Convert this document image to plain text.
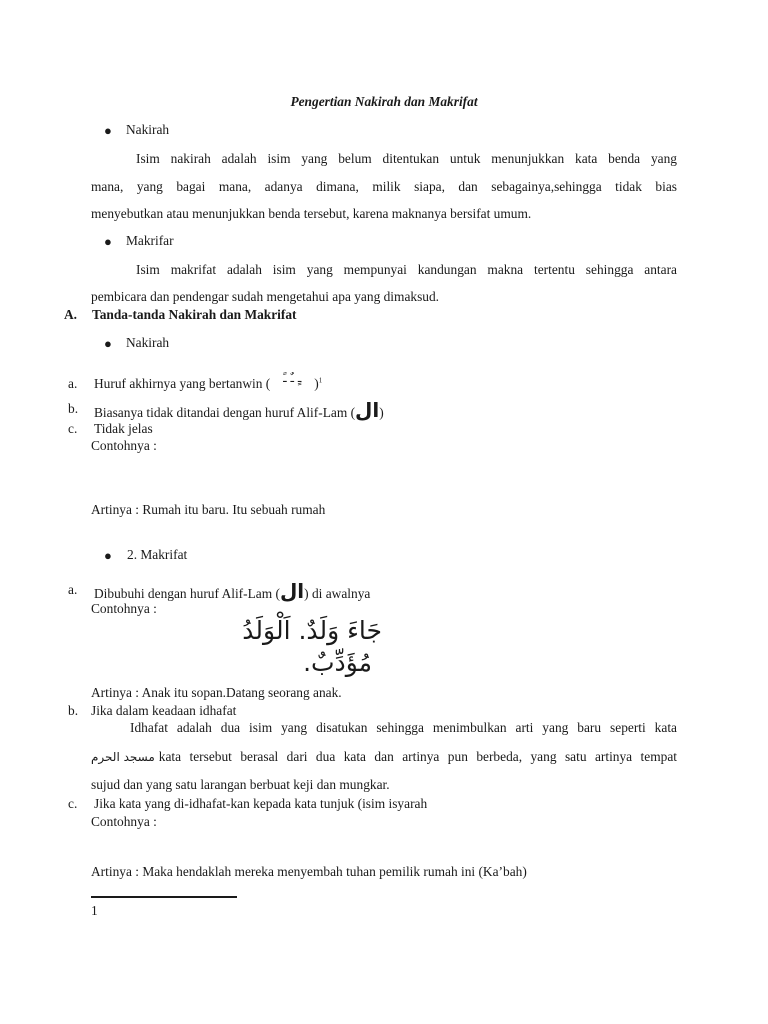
Pengertian Nakirah dan Makrifat
● Nakirah
Isim nakirah adalah isim yang belum ditentukan untuk menunjukkan kata benda yang
mana, yang bagai mana, adanya dimana, milik siapa, dan sebagainya,sehingga tidak bias
menyebutkan atau menunjukkan benda tersebut, karena maknanya bersifat umum.
● Makrifar
Isim makrifat adalah isim yang mempunyai kandungan makna tertentu sehingga antara
pembicara dan pendengar sudah mengetahui apa yang dimaksud.
A. Tanda-tanda Nakirah dan Makrifat
● Nakirah
a. Huruf akhirnya yang bertanwin ( ـٍ ـٌ ـً )$^1$
b. Biasanya tidak ditandai dengan huruf Alif-Lam (ال)
c. Tidak jelas
Contohnya :
Artinya : Rumah itu baru. Itu sebuah rumah
● 2. Makrifat
a. Dibubuhi dengan huruf Alif-Lam (ال) di awalnya
Contohnya :
جَاءَ وَلَدٌ. اَلْوَلَدُ
مُؤَدِّبٌ.
Artinya : Anak itu sopan.Datang seorang anak.
b. Jika dalam keadaan idhafat
Idhafat adalah dua isim yang disatukan sehingga menimbulkan arti yang baru seperti kata
مسجد الحرم kata tersebut berasal dari dua kata dan artinya pun berbeda, yang satu artinya tempat
sujud dan yang satu larangan berbuat keji dan mungkar.
c. Jika kata yang di-idhafat-kan kepada kata tunjuk (isim isyarah
Contohnya :
Artinya : Maka hendaklah mereka menyembah tuhan pemilik rumah ini (Ka’bah)
1
